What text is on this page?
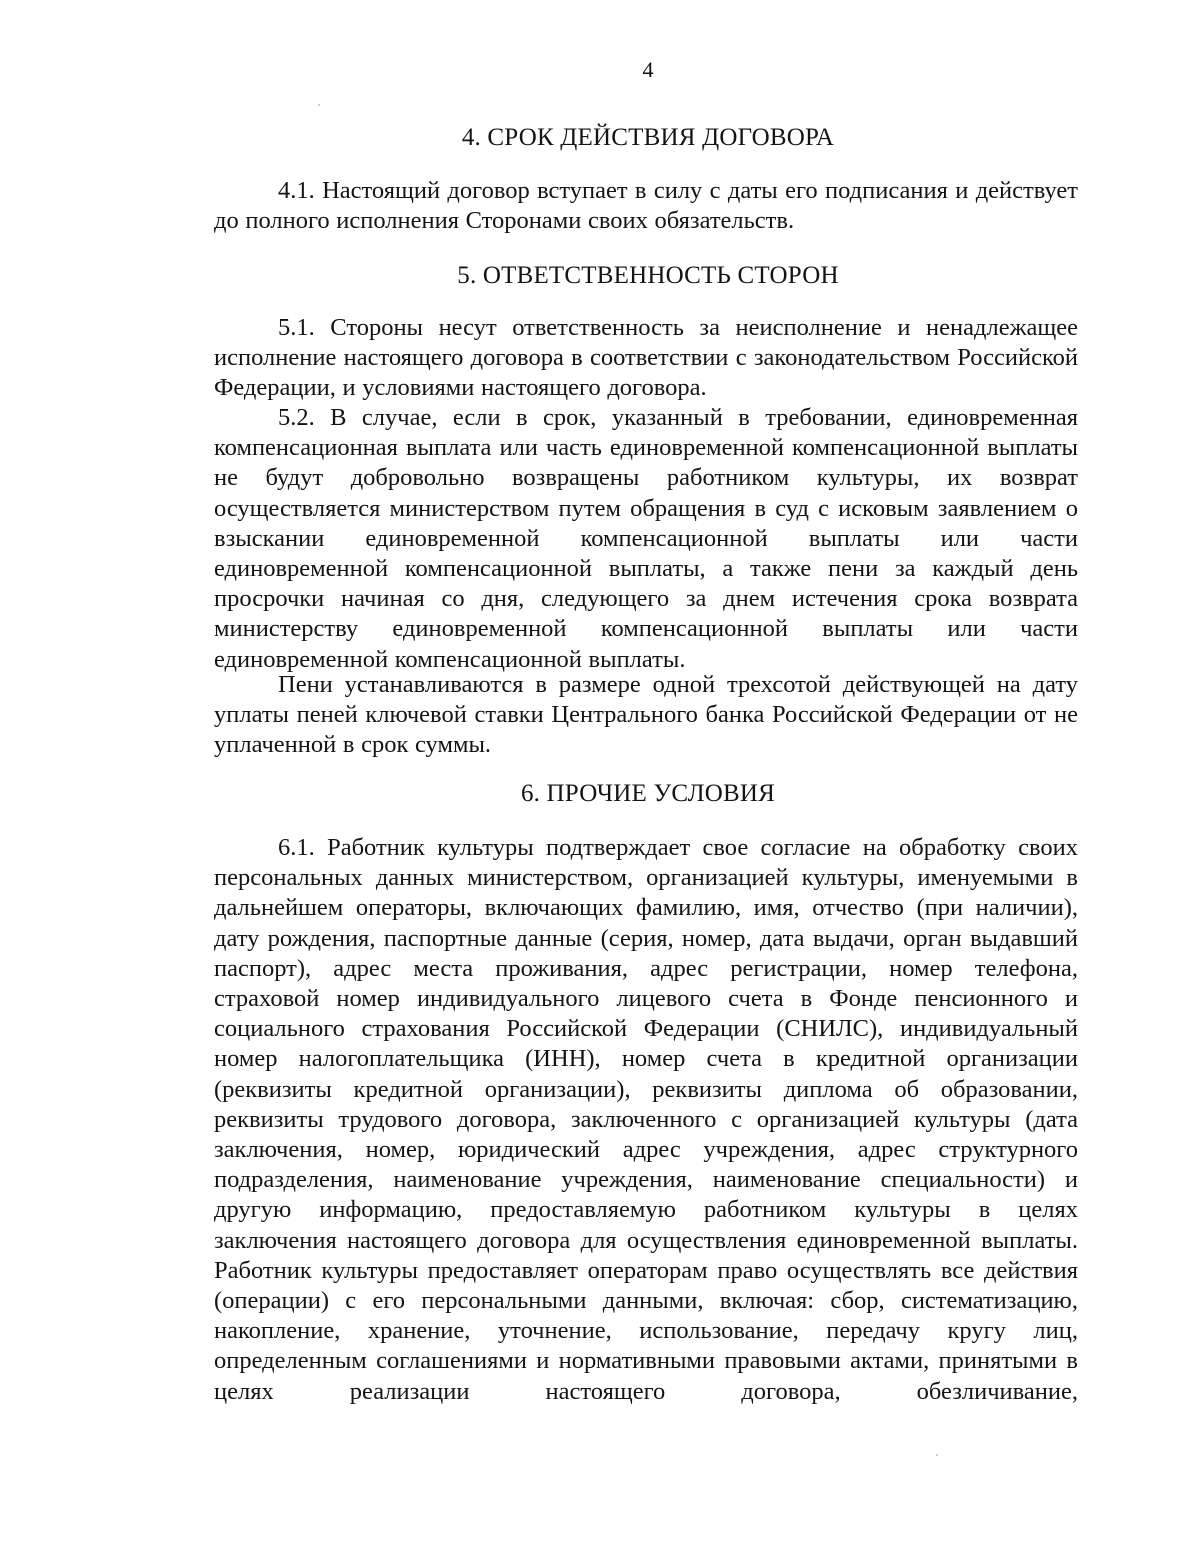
4
4. СРОК ДЕЙСТВИЯ ДОГОВОРА

4.1. Настоящий договор вступает в силу с даты его подписания и действует до полного исполнения Сторонами своих обязательств.

5. ОТВЕТСТВЕННОСТЬ СТОРОН

5.1. Стороны несут ответственность за неисполнение и ненадлежащее исполнение настоящего договора в соответствии с законодательством Российской Федерации, и условиями настоящего договора.

5.2. В случае, если в срок, указанный в требовании, единовременная компенсационная выплата или часть единовременной компенсационной выплаты не будут добровольно возвращены работником культуры, их возврат осуществляется министерством путем обращения в суд с исковым заявлением о взыскании единовременной компенсационной выплаты или части единовременной компенсационной выплаты, а также пени за каждый день просрочки начиная со дня, следующего за днем истечения срока возврата министерству единовременной компенсационной выплаты или части единовременной компенсационной выплаты.

Пени устанавливаются в размере одной трехсотой действующей на дату уплаты пеней ключевой ставки Центрального банка Российской Федерации от не уплаченной в срок суммы.

6. ПРОЧИЕ УСЛОВИЯ

6.1. Работник культуры подтверждает свое согласие на обработку своих персональных данных министерством, организацией культуры, именуемыми в дальнейшем операторы, включающих фамилию, имя, отчество (при наличии), дату рождения, паспортные данные (серия, номер, дата выдачи, орган выдавший паспорт), адрес места проживания, адрес регистрации, номер телефона, страховой номер индивидуального лицевого счета в Фонде пенсионного и социального страхования Российской Федерации (СНИЛС), индивидуальный номер налогоплательщика (ИНН), номер счета в кредитной организации (реквизиты кредитной организации), реквизиты диплома об образовании, реквизиты трудового договора, заключенного с организацией культуры (дата заключения, номер, юридический адрес учреждения, адрес структурного подразделения, наименование учреждения, наименование специальности) и другую информацию, предоставляемую работником культуры в целях заключения настоящего договора для осуществления единовременной выплаты. Работник культуры предоставляет операторам право осуществлять все действия (операции) с его персональными данными, включая: сбор, систематизацию, накопление, хранение, уточнение, использование, передачу кругу лиц, определенным соглашениями и нормативными правовыми актами, принятыми в целях реализации настоящего договора, обезличивание,
